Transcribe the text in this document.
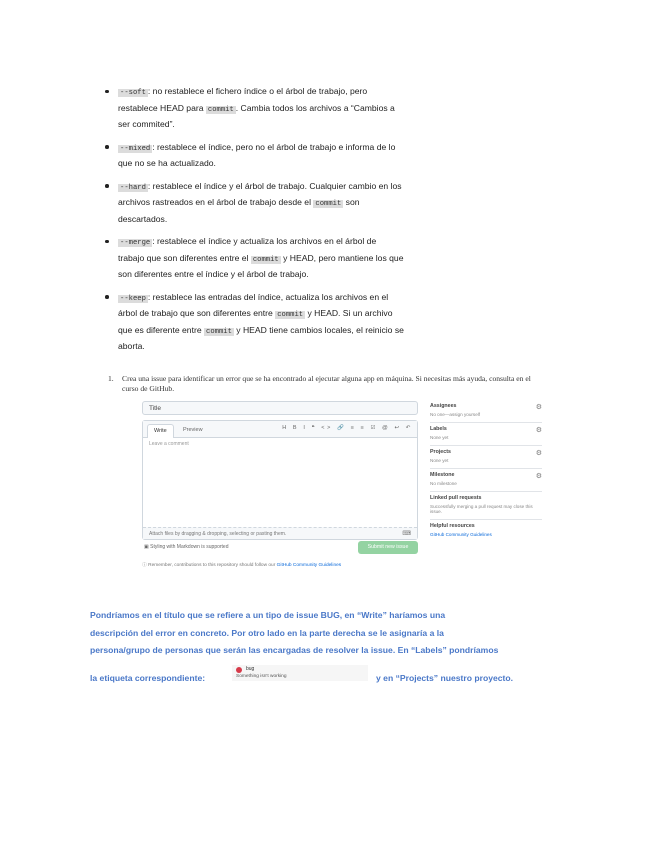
--soft : no restablece el fichero índice o el árbol de trabajo, pero restablece HEAD para commit . Cambia todos los archivos a “Cambios a ser commited”.
--mixed : restablece el índice, pero no el árbol de trabajo e informa de lo que no se ha actualizado.
--hard : restablece el índice y el árbol de trabajo. Cualquier cambio en los archivos rastreados en el árbol de trabajo desde el commit son descartados.
--merge : restablece el índice y actualiza los archivos en el árbol de trabajo que son diferentes entre el commit y HEAD, pero mantiene los que son diferentes entre el índice y el árbol de trabajo.
--keep : restablece las entradas del índice, actualiza los archivos en el árbol de trabajo que son diferentes entre commit y HEAD. Si un archivo que es diferente entre commit y HEAD tiene cambios locales, el reinicio se aborta.
1. Crea una issue para identificar un error que se ha encontrado al ejecutar alguna app en máquina. Si necesitas más ayuda, consulta en el curso de GitHub.
Title
Write	Preview	H B I ❝ <> 🔗 ≡ ≡ ☑ @ ↩ ↶
Leave a comment
Attach files by dragging & dropping, selecting or pasting them.	⌨
▣ Styling with Markdown is supported	Submit new issue
ⓘ Remember, contributions to this repository should follow our GitHub Community Guidelines
Assignees
No one—assign yourself
⚙
Labels
None yet
⚙
Projects
None yet
⚙
Milestone
No milestone
⚙
Linked pull requests
Successfully merging a pull request may close this issue.
Helpful resources
GitHub Community Guidelines
Pondríamos en el título que se refiere a un tipo de issue BUG, en “Write” haríamos una
descripción del error en concreto. Por otro lado en la parte derecha se le asignaría a la
persona/grupo de personas que serán las encargadas de resolver la issue. En “Labels” pondríamos
la etiqueta correspondiente:
bug
Something isn't working	y en “Projects” nuestro proyecto.
